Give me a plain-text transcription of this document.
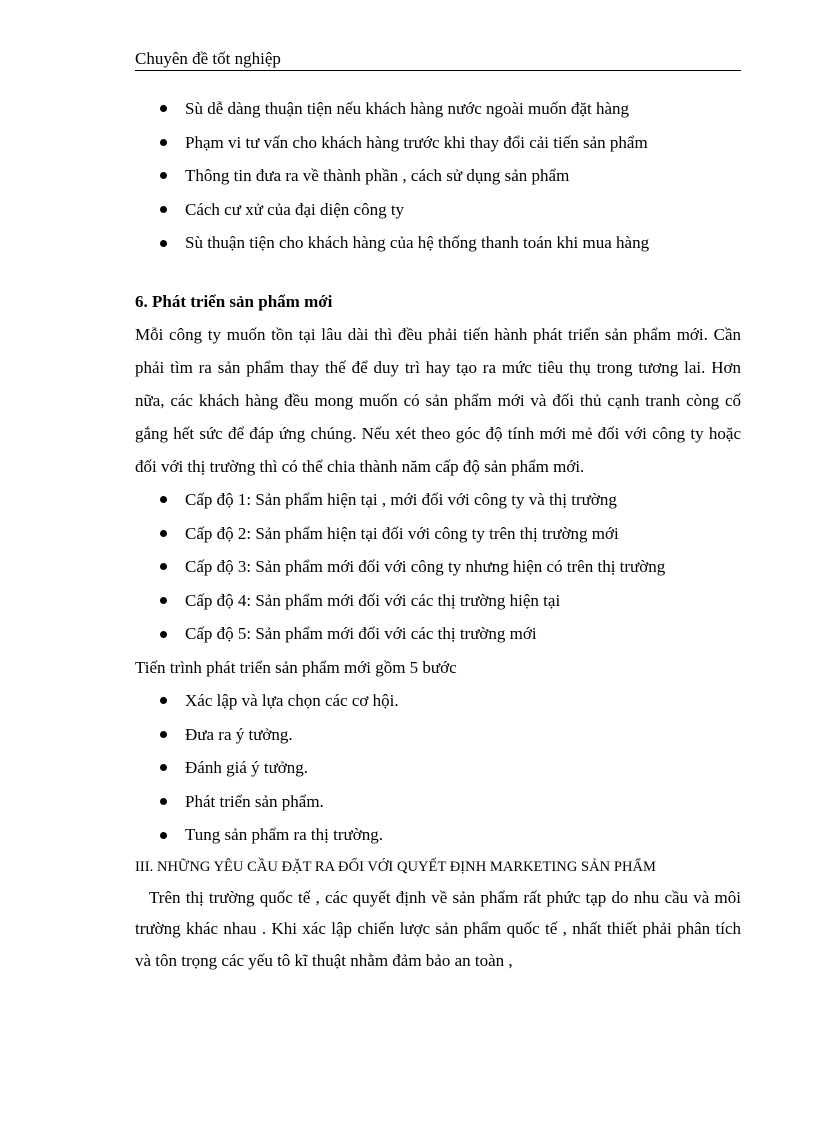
Chuyên đề tốt nghiệp
Sù dễ dàng thuận tiện nếu khách hàng nước ngoài muốn đặt hàng
Phạm vi tư vấn cho khách hàng trước khi thay đổi cải tiến sản phẩm
Thông tin đưa ra về thành phần , cách sử dụng sản phẩm
Cách cư xử của đại diện công ty
Sù thuận tiện cho khách hàng của hệ thống thanh toán khi mua hàng
6. Phát triển sản phẩm mới

Mỗi công ty muốn tồn tại lâu dài thì đều phải tiến hành phát triển sản phẩm mới. Cần phải tìm ra sản phẩm thay thế để duy trì hay tạo ra mức tiêu thụ trong tương lai. Hơn nữa, các khách hàng đều mong muốn có sản phẩm mới và đối thủ cạnh tranh còng cố gắng hết sức để đáp ứng chúng. Nếu xét theo góc độ tính mới mẻ đối với công ty hoặc đối với thị trường thì có thể chia thành năm cấp độ sản phẩm mới.

Cấp độ 1: Sản phẩm hiện tại , mới đối với công ty và thị trường
Cấp độ 2: Sản phẩm hiện tại đối với công ty trên thị trường mới
Cấp độ 3: Sản phẩm mới đối với công ty nhưng hiện có trên thị trường
Cấp độ 4: Sản phẩm mới đối với các thị trường hiện tại
Cấp độ 5: Sản phẩm mới đối với các thị trường mới
Tiến trình phát triển sản phẩm mới gồm 5 bước
Xác lập và lựa chọn các cơ hội.
Đưa ra ý tưởng.
Đánh giá ý tưởng.
Phát triển sản phẩm.
Tung sản phẩm ra thị trường.
III. NHỮNG YÊU CẦU ĐẶT RA ĐỐI VỚI QUYẾT ĐỊNH MARKETING SẢN PHẨM

Trên thị trường quốc tế , các quyết định về sản phẩm rất phức tạp do nhu cầu và môi trường khác nhau . Khi xác lập chiến lược sản phẩm quốc tế , nhất thiết phải phân tích và tôn trọng các yếu tô kĩ thuật nhằm đảm bảo an toàn ,
